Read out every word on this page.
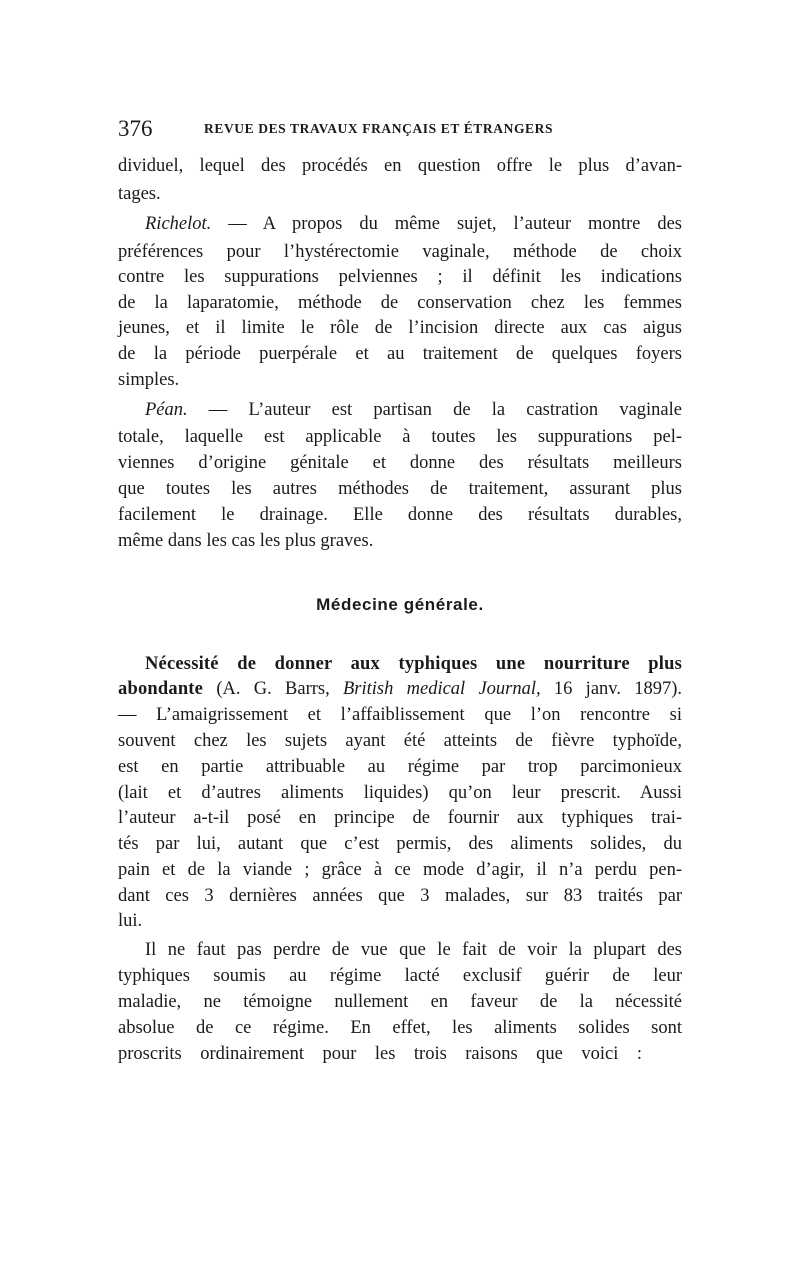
376	REVUE DES TRAVAUX FRANÇAIS ET ÉTRANGERS

dividuel, lequel des procédés en question offre le plus d’avan-

tages.

Richelot. — A propos du même sujet, l’auteur montre des

préférences pour l’hystérectomie vaginale, méthode de choix

contre les suppurations pelviennes ; il définit les indications

de la laparatomie, méthode de conservation chez les femmes

jeunes, et il limite le rôle de l’incision directe aux cas aigus

de la période puerpérale et au traitement de quelques foyers

simples.

Péan. — L’auteur est partisan de la castration vaginale

totale, laquelle est applicable à toutes les suppurations pel-

viennes d’origine génitale et donne des résultats meilleurs

que toutes les autres méthodes de traitement, assurant plus

facilement le drainage. Elle donne des résultats durables,

même dans les cas les plus graves.

Médecine générale.

Nécessité de donner aux typhiques une nourriture plus

abondante (A. G. Barrs, British medical Journal, 16 janv. 1897).

— L’amaigrissement et l’affaiblissement que l’on rencontre si

souvent chez les sujets ayant été atteints de fièvre typhoïde,

est en partie attribuable au régime par trop parcimonieux

(lait et d’autres aliments liquides) qu’on leur prescrit. Aussi

l’auteur a-t-il posé en principe de fournir aux typhiques trai-

tés par lui, autant que c’est permis, des aliments solides, du

pain et de la viande ; grâce à ce mode d’agir, il n’a perdu pen-

dant ces 3 dernières années que 3 malades, sur 83 traités par

lui.

Il ne faut pas perdre de vue que le fait de voir la plupart des

typhiques soumis au régime lacté exclusif guérir de leur

maladie, ne témoigne nullement en faveur de la nécessité

absolue de ce régime. En effet, les aliments solides sont

proscrits ordinairement pour les trois raisons que voici :
